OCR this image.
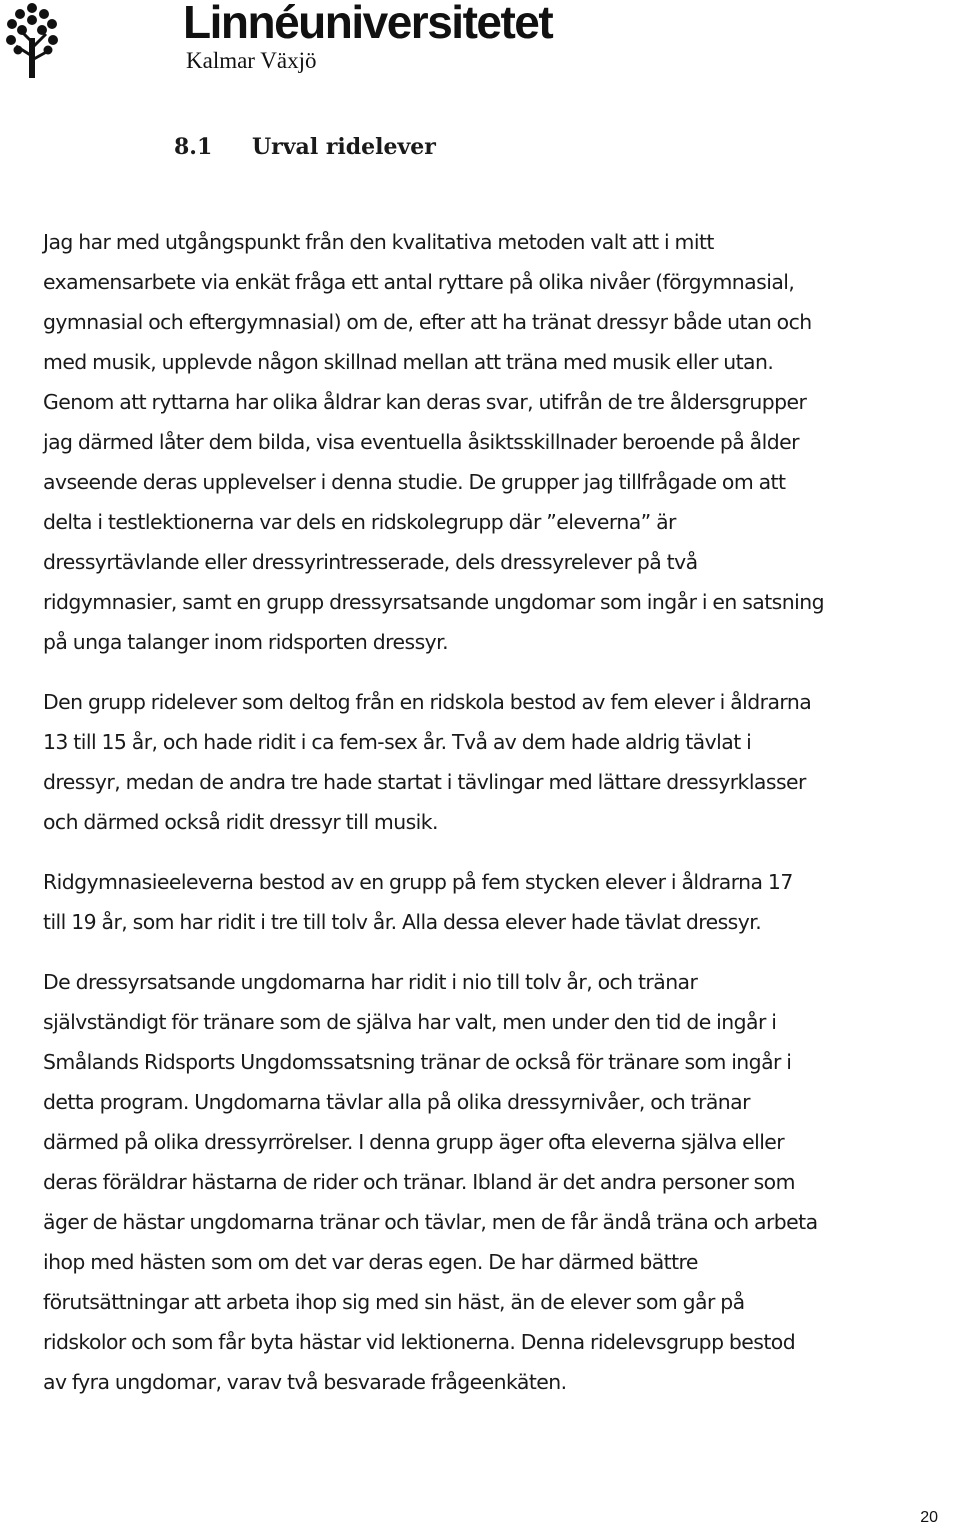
Linnéuniversitetet
Kalmar Växjö
8.1 Urval ridelever

Jag har med utgångspunkt från den kvalitativa metoden valt att i mitt
examensarbete via enkät fråga ett antal ryttare på olika nivåer (förgymnasial,
gymnasial och eftergymnasial) om de, efter att ha tränat dressyr både utan och
med musik, upplevde någon skillnad mellan att träna med musik eller utan.
Genom att ryttarna har olika åldrar kan deras svar, utifrån de tre åldersgrupper
jag därmed låter dem bilda, visa eventuella åsiktsskillnader beroende på ålder
avseende deras upplevelser i denna studie. De grupper jag tillfrågade om att
delta i testlektionerna var dels en ridskolegrupp där ”eleverna” är
dressyrtävlande eller dressyrintresserade, dels dressyrelever på två
ridgymnasier, samt en grupp dressyrsatsande ungdomar som ingår i en satsning
på unga talanger inom ridsporten dressyr.

Den grupp ridelever som deltog från en ridskola bestod av fem elever i åldrarna
13 till 15 år, och hade ridit i ca fem-sex år. Två av dem hade aldrig tävlat i
dressyr, medan de andra tre hade startat i tävlingar med lättare dressyrklasser
och därmed också ridit dressyr till musik.

Ridgymnasieeleverna bestod av en grupp på fem stycken elever i åldrarna 17
till 19 år, som har ridit i tre till tolv år. Alla dessa elever hade tävlat dressyr.

De dressyrsatsande ungdomarna har ridit i nio till tolv år, och tränar
självständigt för tränare som de själva har valt, men under den tid de ingår i
Smålands Ridsports Ungdomssatsning tränar de också för tränare som ingår i
detta program. Ungdomarna tävlar alla på olika dressyrnivåer, och tränar
därmed på olika dressyrrörelser. I denna grupp äger ofta eleverna själva eller
deras föräldrar hästarna de rider och tränar. Ibland är det andra personer som
äger de hästar ungdomarna tränar och tävlar, men de får ändå träna och arbeta
ihop med hästen som om det var deras egen. De har därmed bättre
förutsättningar att arbeta ihop sig med sin häst, än de elever som går på
ridskolor och som får byta hästar vid lektionerna. Denna ridelevsgrupp bestod
av fyra ungdomar, varav två besvarade frågeenkäten.

20
